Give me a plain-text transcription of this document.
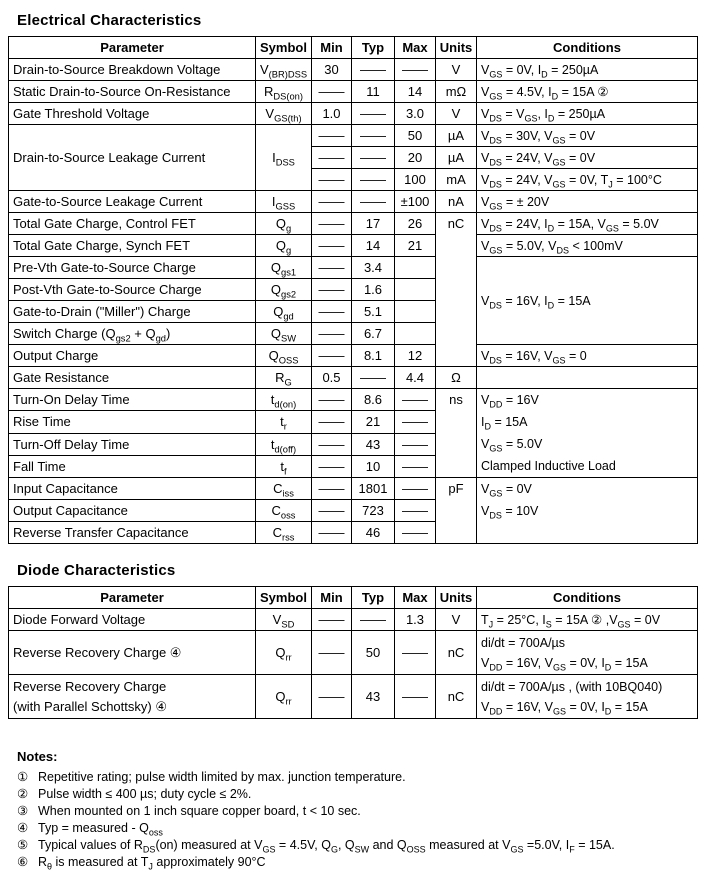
Electrical Characteristics
Parameter	Symbol	Min	Typ	Max	Units	Conditions
Drain-to-Source Breakdown Voltage	$V_{(BR)DSS}$	30	——	——	V	$V_{GS} = 0V$, $I_D = 250\mu A$
Static Drain-to-Source On-Resistance	$R_{DS(on)}$	——	11	14	mΩ	$V_{GS} = 4.5V$, $I_D = 15A$ ②
Gate Threshold Voltage	$V_{GS(th)}$	1.0	——	3.0	V	$V_{DS} = V_{GS}$, $I_D = 250\mu A$
Drain-to-Source Leakage Current	$I_{DSS}$	——	——	50	µA	$V_{DS} = 30V$, $V_{GS} = 0V$
		——	——	20	µA	$V_{DS} = 24V$, $V_{GS} = 0V$
		——	——	100	mA	$V_{DS} = 24V$, $V_{GS} = 0V$, $T_J = 100^\circ C$
Gate-to-Source Leakage Current	$I_{GSS}$	——	——	±100	nA	$V_{GS}$ = ± 20V
Total Gate Charge, Control FET	$Q_g$	——	17	26	nC	$V_{DS} = 24V$, $I_D = 15A$, $V_{GS} = 5.0V$
Total Gate Charge, Synch FET	$Q_g$	——	14	21		$V_{GS} = 5.0V$, $V_{DS} < 100mV$
Pre-Vth Gate-to-Source Charge	$Q_{gs1}$	——	3.4			$V_{DS} = 16V$, $I_D = 15A$
Post-Vth Gate-to-Source Charge	$Q_{gs2}$	——	1.6			
Gate-to-Drain ("Miller") Charge	$Q_{gd}$	——	5.1			
Switch Charge $(Q_{gs2} + Q_{gd})$	$Q_{SW}$	——	6.7			
Output Charge	$Q_{OSS}$	——	8.1	12		$V_{DS} = 16V$, $V_{GS} = 0$
Gate Resistance	$R_G$	0.5	——	4.4	Ω	
Turn-On Delay Time	$t_{d(on)}$	——	8.6	——	ns	$V_{DD} = 16V$
$I_D = 15A$
$V_{GS} = 5.0V$
Clamped Inductive Load
Rise Time	$t_r$	——	21	——		
Turn-Off Delay Time	$t_{d(off)}$	——	43	——		
Fall Time	$t_f$	——	10	——		
Input Capacitance	$C_{iss}$	——	1801	——	pF	$V_{GS} = 0V$
$V_{DS} = 10V$
Output Capacitance	$C_{oss}$	——	723	——		
Reverse Transfer Capacitance	$C_{rss}$	——	46	——		
Diode Characteristics
Parameter	Symbol	Min	Typ	Max	Units	Conditions
Diode Forward Voltage	$V_{SD}$	——	——	1.3	V	$T_J = 25^\circ C$, $I_S = 15A$ ② $,V_{GS} = 0V$
Reverse Recovery Charge ④	$Q_{rr}$	——	50	——	nC	di/dt = 700A/µs
$V_{DD} = 16V$, $V_{GS} = 0V$, $I_D = 15A$
Reverse Recovery Charge
(with Parallel Schottsky) ④	$Q_{rr}$	——	43	——	nC	di/dt = 700A/µs , (with 10BQ040)
$V_{DD} = 16V$, $V_{GS} = 0V$, $I_D = 15A$
Notes:
① Repetitive rating; pulse width limited by max. junction temperature.
② Pulse width ≤ 400 µs; duty cycle ≤ 2%.
③ When mounted on 1 inch square copper board, t < 10 sec.
④ Typ = measured - $Q_{oss}$
⑤ Typical values of $R_{DS}(on)$ measured at $V_{GS} = 4.5V$, $Q_G$, $Q_{SW}$ and $Q_{OSS}$ measured at $V_{GS} =5.0V$, $I_F = 15A$.
⑥ $R_\theta$ is measured at $T_J$ approximately 90°C
